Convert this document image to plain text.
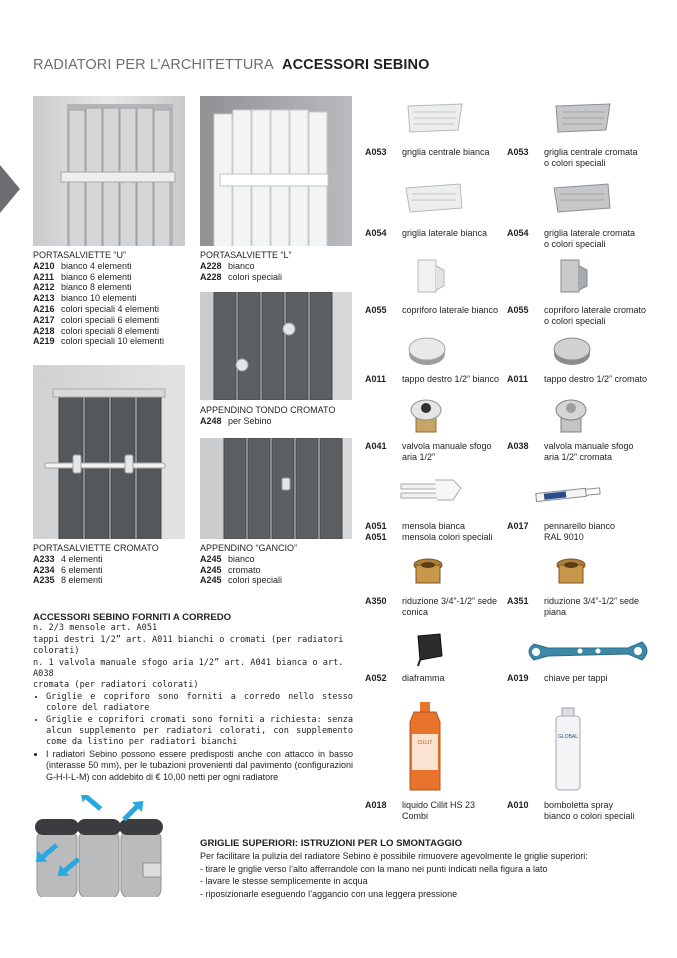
RADIATORI PER L’ARCHITETTURA ACCESSORI SEBINO
PORTASALVIETTE “U”
A210 bianco 4 elementi
A211 bianco 6 elementi
A212 bianco 8 elementi
A213 bianco 10 elementi
A216 colori speciali 4 elementi
A217 colori speciali 6 elementi
A218 colori speciali 8 elementi
A219 colori speciali 10 elementi
PORTASALVIETTE “L”
A228 bianco
A228 colori speciali
APPENDINO TONDO CROMATO
A248 per Sebino
PORTASALVIETTE CROMATO
A233 4 elementi
A234 6 elementi
A235 8 elementi
APPENDINO “GANCIO”
A245 bianco
A245 cromato
A245 colori speciali
A053 griglia centrale bianca A053 griglia centrale cromata
o colori speciali
A054 griglia laterale bianca A054 griglia laterale cromata
o colori speciali
A055 copriforo laterale bianco A055 copriforo laterale cromato
o colori speciali
A011 tappo destro 1/2” bianco A011 tappo destro 1/2” cromato
A041 valvola manuale sfogo
aria 1/2”
A038 valvola manuale sfogo
aria 1/2” cromata
A051 mensola bianca
A051 mensola colori speciali
A017 pennarello bianco
RAL 9010
A350 riduzione 3/4”-1/2” sede
conica
A351 riduzione 3/4”-1/2” sede
piana
A052 diaframma	A019 chiave per tappi
CILLIT
GLOBAL
A018 liquido Cillit HS 23
Combi
A010 bomboletta spray
bianco o colori speciali
ACCESSORI SEBINO FORNITI A CORREDO
n. 2/3 mensole art. A051
tappi destri 1/2” art. A011 bianchi o cromati (per radiatori colorati)
n. 1 valvola manuale sfogo aria 1/2” art. A041 bianca o art. A038
cromata (per radiatori colorati)
• Griglie e copriforo sono forniti a corredo nello stesso colore del radiatore
• Griglie e coprifori cromati sono forniti a richiesta: senza alcun supplemento per radiatori colorati, con supplemento come da listino per radiatori bianchi
• I radiatori Sebino possono essere predisposti anche con attacco in basso (interasse 50 mm), per le tubazioni provenienti dal pavimento (configurazioni G-H-I-L-M) con addebito di € 10,00 netti per ogni radiatore
GRIGLIE SUPERIORI: ISTRUZIONI PER LO SMONTAGGIO
Per facilitare la pulizia del radiatore Sebino è possibile rimuovere agevolmente le griglie superiori:
- tirare le griglie verso l’alto afferrandole con la mano nei punti indicati nella figura a lato
- lavare le stesse semplicemente in acqua
- riposizionarle eseguendo l’aggancio con una leggera pressione
